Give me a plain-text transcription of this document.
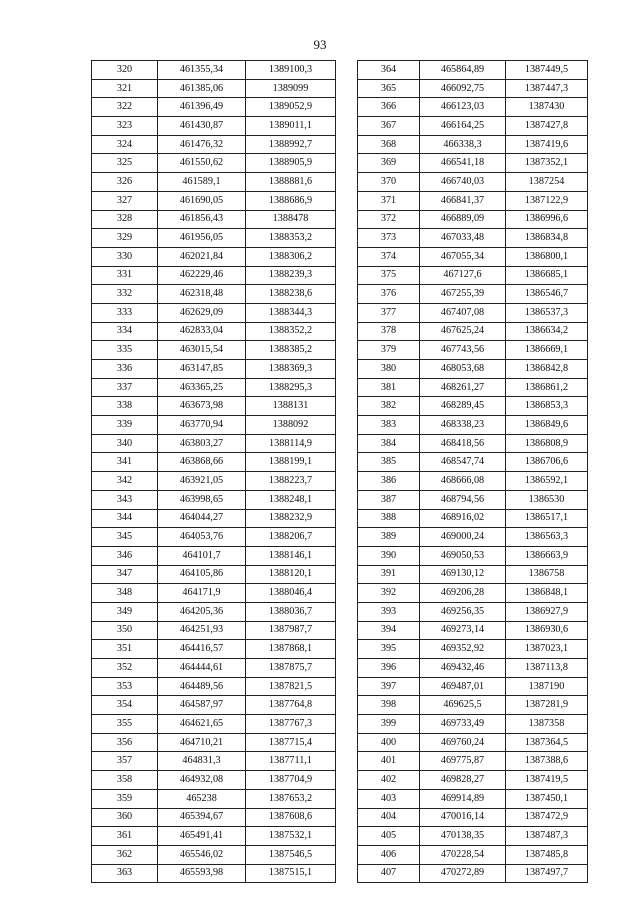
93
320	461355,34	1389100,3
321	461385,06	1389099
322	461396,49	1389052,9
323	461430,87	1389011,1
324	461476,32	1388992,7
325	461550,62	1388905,9
326	461589,1	1388881,6
327	461690,05	1388686,9
328	461856,43	1388478
329	461956,05	1388353,2
330	462021,84	1388306,2
331	462229,46	1388239,3
332	462318,48	1388238,6
333	462629,09	1388344,3
334	462833,04	1388352,2
335	463015,54	1388385,2
336	463147,85	1388369,3
337	463365,25	1388295,3
338	463673,98	1388131
339	463770,94	1388092
340	463803,27	1388114,9
341	463868,66	1388199,1
342	463921,05	1388223,7
343	463998,65	1388248,1
344	464044,27	1388232,9
345	464053,76	1388206,7
346	464101,7	1388146,1
347	464105,86	1388120,1
348	464171,9	1388046,4
349	464205,36	1388036,7
350	464251,93	1387987,7
351	464416,57	1387868,1
352	464444,61	1387875,7
353	464489,56	1387821,5
354	464587,97	1387764,8
355	464621,65	1387767,3
356	464710,21	1387715,4
357	464831,3	1387711,1
358	464932,08	1387704,9
359	465238	1387653,2
360	465394,67	1387608,6
361	465491,41	1387532,1
362	465546,02	1387546,5
363	465593,98	1387515,1
364	465864,89	1387449,5
365	466092,75	1387447,3
366	466123,03	1387430
367	466164,25	1387427,8
368	466338,3	1387419,6
369	466541,18	1387352,1
370	466740,03	1387254
371	466841,37	1387122,9
372	466889,09	1386996,6
373	467033,48	1386834,8
374	467055,34	1386800,1
375	467127,6	1386685,1
376	467255,39	1386546,7
377	467407,08	1386537,3
378	467625,24	1386634,2
379	467743,56	1386669,1
380	468053,68	1386842,8
381	468261,27	1386861,2
382	468289,45	1386853,3
383	468338,23	1386849,6
384	468418,56	1386808,9
385	468547,74	1386706,6
386	468666,08	1386592,1
387	468794,56	1386530
388	468916,02	1386517,1
389	469000,24	1386563,3
390	469050,53	1386663,9
391	469130,12	1386758
392	469206,28	1386848,1
393	469256,35	1386927,9
394	469273,14	1386930,6
395	469352,92	1387023,1
396	469432,46	1387113,8
397	469487,01	1387190
398	469625,5	1387281,9
399	469733,49	1387358
400	469760,24	1387364,5
401	469775,87	1387388,6
402	469828,27	1387419,5
403	469914,89	1387450,1
404	470016,14	1387472,9
405	470138,35	1387487,3
406	470228,54	1387485,8
407	470272,89	1387497,7
